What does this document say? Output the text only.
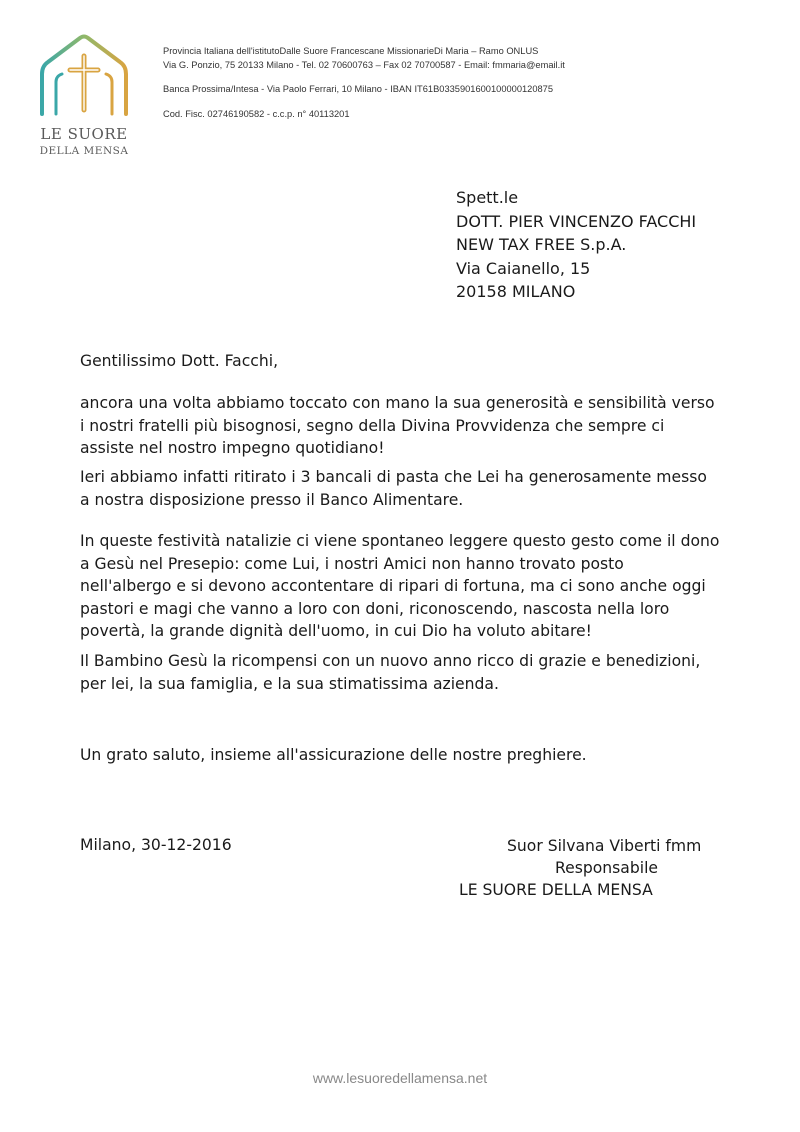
LE SUORE
DELLA MENSA
Provincia Italiana dell'istitutoDalle Suore Francescane MissionarieDi Maria – Ramo ONLUS
Via G. Ponzio, 75 20133 Milano - Tel. 02 70600763 – Fax 02 70700587 - Email: fmmaria@email.it
Banca Prossima/Intesa - Via Paolo Ferrari, 10 Milano - IBAN IT61B0335901600100000120875
Cod. Fisc. 02746190582 - c.c.p. n° 40113201
Spett.le
DOTT. PIER VINCENZO FACCHI
NEW TAX FREE S.p.A.
Via Caianello, 15
20158 MILANO

Gentilissimo Dott. Facchi,

ancora una volta abbiamo toccato con mano la sua generosità e sensibilità verso

i nostri fratelli più bisognosi, segno della Divina Provvidenza che sempre ci

assiste nel nostro impegno quotidiano!

Ieri abbiamo infatti ritirato i 3 bancali di pasta che Lei ha generosamente messo

a nostra disposizione presso il Banco Alimentare.

In queste festività natalizie ci viene spontaneo leggere questo gesto come il dono

a Gesù nel Presepio: come Lui, i nostri Amici non hanno trovato posto

nell'albergo e si devono accontentare di ripari di fortuna, ma ci sono anche oggi

pastori e magi che vanno a loro con doni, riconoscendo, nascosta nella loro

povertà, la grande dignità dell'uomo, in cui Dio ha voluto abitare!

Il Bambino Gesù la ricompensi con un nuovo anno ricco di grazie e benedizioni,

per lei, la sua famiglia, e la sua stimatissima azienda.

Un grato saluto, insieme all'assicurazione delle nostre preghiere.

Milano, 30-12-2016	Suor Silvana Viberti fmm
Responsabile
LE SUORE DELLA MENSA
www.lesuoredellamensa.net
